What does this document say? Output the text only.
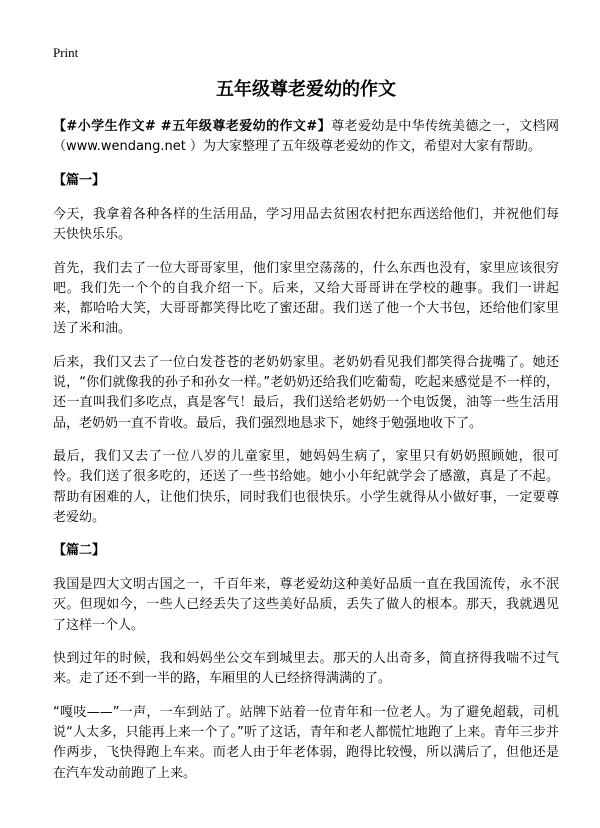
Print
五年级尊老爱幼的作文

【#小学生作文# #五年级尊老爱幼的作文#】尊老爱幼是中华传统美德之一，文档网（www.wendang.net ）为大家整理了五年级尊老爱幼的作文，希望对大家有帮助。

【篇一】

今天，我拿着各种各样的生活用品，学习用品去贫困农村把东西送给他们，并祝他们每天快快乐乐。

首先，我们去了一位大哥哥家里，他们家里空荡荡的，什么东西也没有，家里应该很穷吧。我们先一个个的自我介绍一下。后来，又给大哥哥讲在学校的趣事。我们一讲起来，都哈哈大笑，大哥哥都笑得比吃了蜜还甜。我们送了他一个大书包，还给他们家里送了米和油。

后来，我们又去了一位白发苍苍的老奶奶家里。老奶奶看见我们都笑得合拢嘴了。她还说，“你们就像我的孙子和孙女一样。”老奶奶还给我们吃葡萄，吃起来感觉是不一样的，还一直叫我们多吃点，真是客气！最后，我们送给老奶奶一个电饭煲，油等一些生活用品，老奶奶一直不肯收。最后，我们强烈地恳求下，她终于勉强地收下了。

最后，我们又去了一位八岁的儿童家里，她妈妈生病了，家里只有奶奶照顾她，很可怜。我们送了很多吃的，还送了一些书给她。她小小年纪就学会了感激，真是了不起。帮助有困难的人，让他们快乐，同时我们也很快乐。小学生就得从小做好事，一定要尊老爱幼。

【篇二】

我国是四大文明古国之一，千百年来，尊老爱幼这种美好品质一直在我国流传，永不泯灭。但现如今，一些人已经丢失了这些美好品质，丢失了做人的根本。那天，我就遇见了这样一个人。

快到过年的时候，我和妈妈坐公交车到城里去。那天的人出奇多，简直挤得我喘不过气来。走了还不到一半的路，车厢里的人已经挤得满满的了。

“嘎吱——”一声，一车到站了。站牌下站着一位青年和一位老人。为了避免超载，司机说“人太多，只能再上来一个了。”听了这话，青年和老人都慌忙地跑了上来。青年三步并作两步，飞快得跑上车来。而老人由于年老体弱，跑得比较慢，所以满后了，但他还是在汽车发动前跑了上来。
